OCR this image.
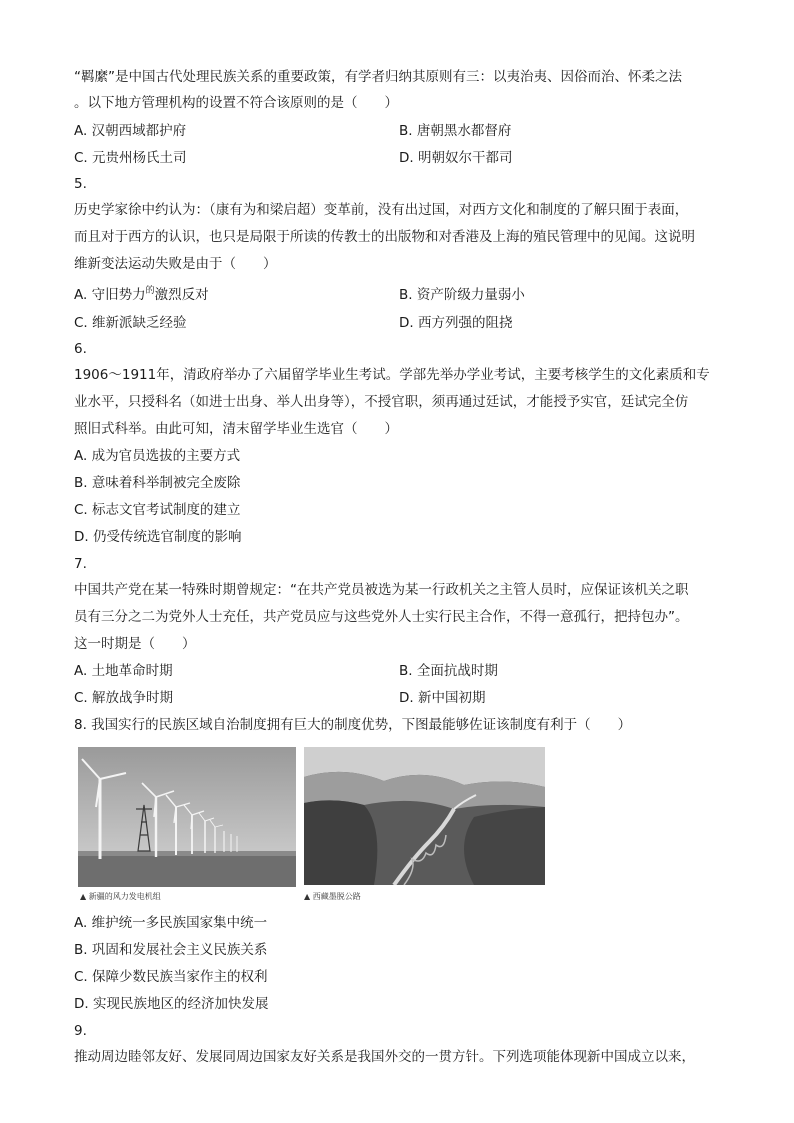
“羁縻”是中国古代处理民族关系的重要政策，有学者归纳其原则有三：以夷治夷、因俗而治、怀柔之法
。以下地方管理机构的设置不符合该原则的是（　　）
A. 汉朝西域都护府	B. 唐朝黑水都督府
C. 元贵州杨氏土司	D. 明朝奴尔干都司
5.
历史学家徐中约认为：（康有为和梁启超）变革前，没有出过国，对西方文化和制度的了解只囿于表面，
而且对于西方的认识，也只是局限于所读的传教士的出版物和对香港及上海的殖民管理中的见闻。这说明
维新变法运动失败是由于（　　）
A. 守旧势力$^的$激烈反对	B. 资产阶级力量弱小
C. 维新派缺乏经验	D. 西方列强的阻挠
6.
1906～1911年，清政府举办了六届留学毕业生考试。学部先举办学业考试，主要考核学生的文化素质和专
业水平，只授科名（如进士出身、举人出身等），不授官职，须再通过廷试，才能授予实官，廷试完全仿
照旧式科举。由此可知，清末留学毕业生选官（　　）
A. 成为官员选拔的主要方式
B. 意味着科举制被完全废除
C. 标志文官考试制度的建立
D. 仍受传统选官制度的影响
7.
中国共产党在某一特殊时期曾规定：“在共产党员被选为某一行政机关之主管人员时，应保证该机关之职
员有三分之二为党外人士充任，共产党员应与这些党外人士实行民主合作，不得一意孤行，把持包办”。
这一时期是（　　）
A. 土地革命时期	B. 全面抗战时期
C. 解放战争时期	D. 新中国初期
8. 我国实行的民族区域自治制度拥有巨大的制度优势，下图最能够佐证该制度有利于（　　）
▲ 新疆的风力发电机组	▲ 西藏墨脱公路
A. 维护统一多民族国家集中统一
B. 巩固和发展社会主义民族关系
C. 保障少数民族当家作主的权利
D. 实现民族地区的经济加快发展
9.
推动周边睦邻友好、发展同周边国家友好关系是我国外交的一贯方针。下列选项能体现新中国成立以来，
